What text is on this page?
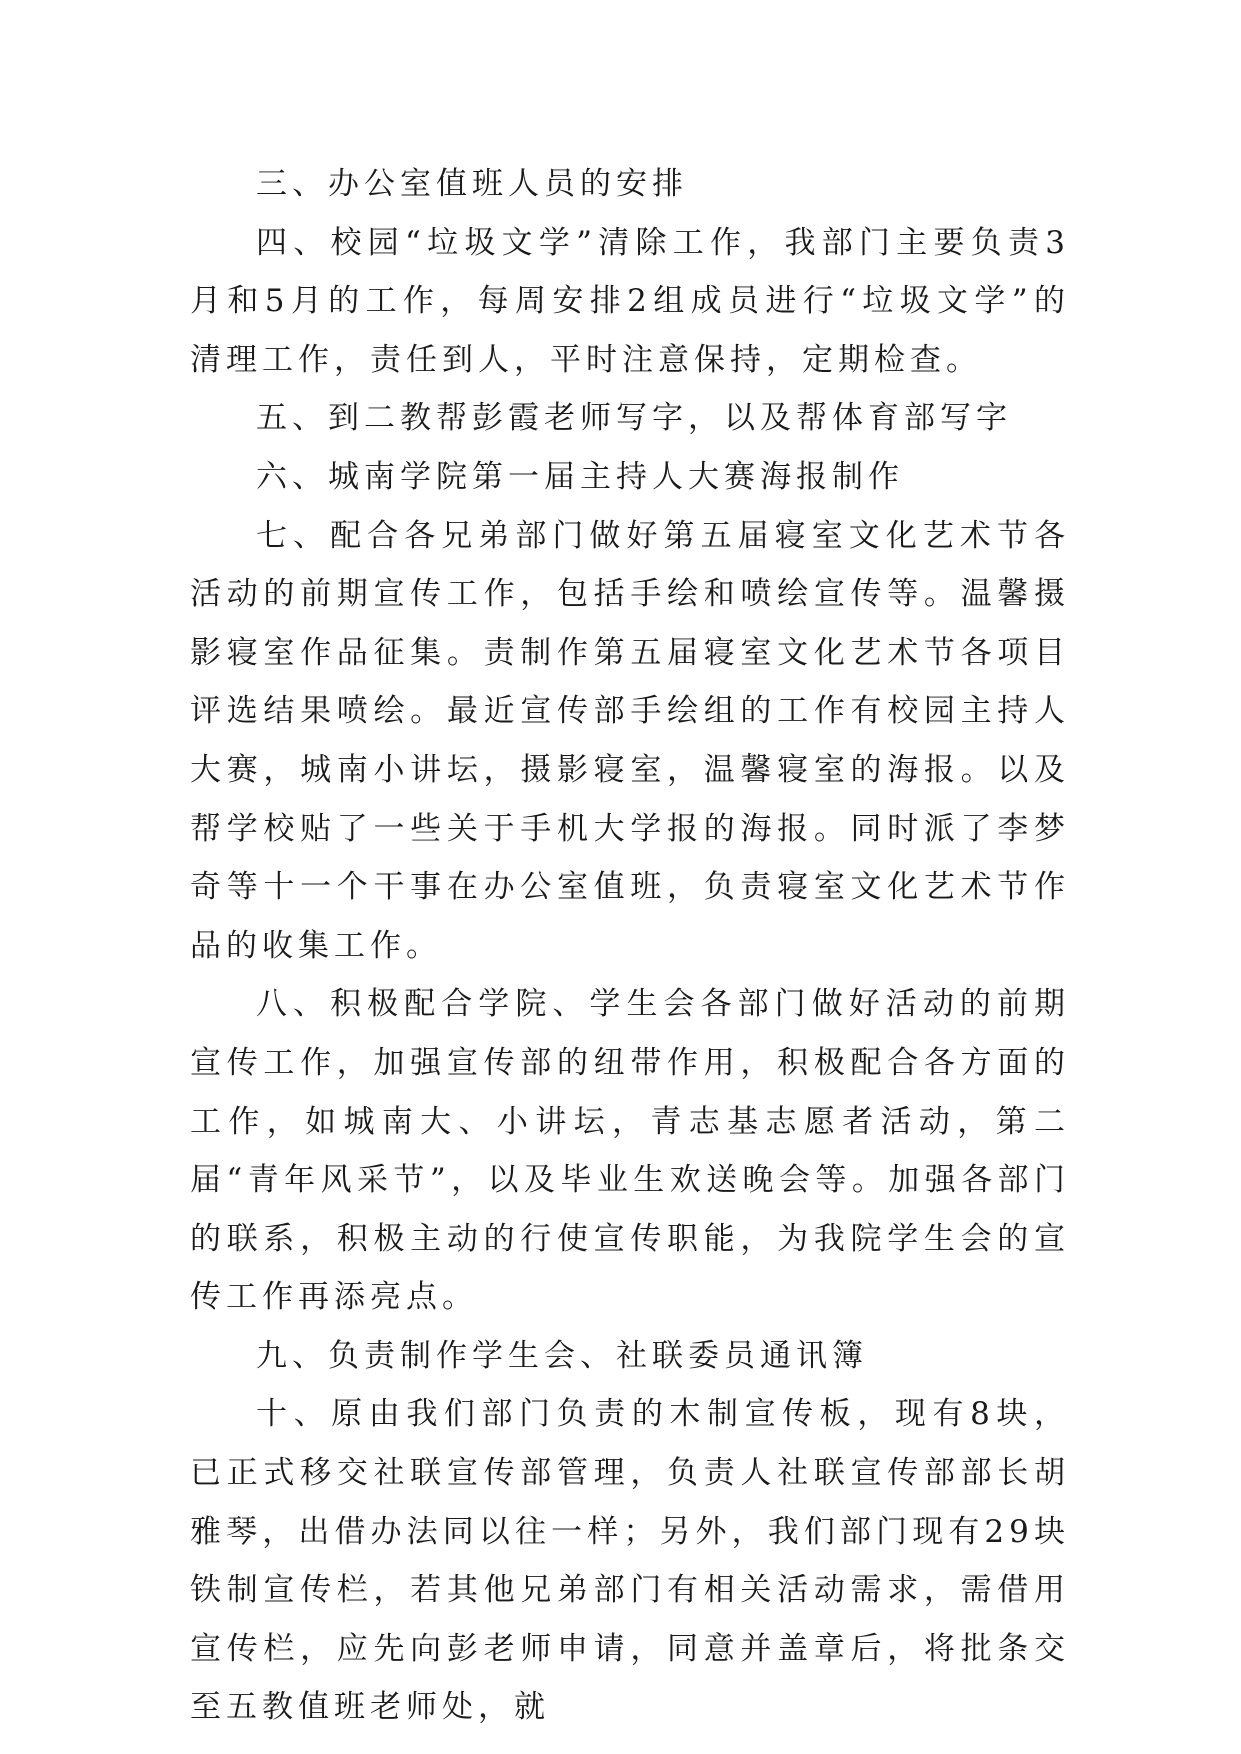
三、办公室值班人员的安排

四、校园“垃圾文学”清除工作，我部门主要负责3月和5月的工作，每周安排2组成员进行“垃圾文学”的清理工作，责任到人，平时注意保持，定期检查。

五、到二教帮彭霞老师写字，以及帮体育部写字

六、城南学院第一届主持人大赛海报制作

七、配合各兄弟部门做好第五届寝室文化艺术节各活动的前期宣传工作，包括手绘和喷绘宣传等。温馨摄影寝室作品征集。责制作第五届寝室文化艺术节各项目评选结果喷绘。最近宣传部手绘组的工作有校园主持人大赛，城南小讲坛，摄影寝室，温馨寝室的海报。以及帮学校贴了一些关于手机大学报的海报。同时派了李梦奇等十一个干事在办公室值班，负责寝室文化艺术节作品的收集工作。

八、积极配合学院、学生会各部门做好活动的前期宣传工作，加强宣传部的纽带作用，积极配合各方面的工作，如城南大、小讲坛，青志基志愿者活动，第二届“青年风采节”，以及毕业生欢送晚会等。加强各部门的联系，积极主动的行使宣传职能，为我院学生会的宣传工作再添亮点。

九、负责制作学生会、社联委员通讯簿

十、原由我们部门负责的木制宣传板，现有8块，已正式移交社联宣传部管理，负责人社联宣传部部长胡雅琴，出借办法同以往一样；另外，我们部门现有29块铁制宣传栏，若其他兄弟部门有相关活动需求，需借用宣传栏，应先向彭老师申请，同意并盖章后，将批条交至五教值班老师处，就
